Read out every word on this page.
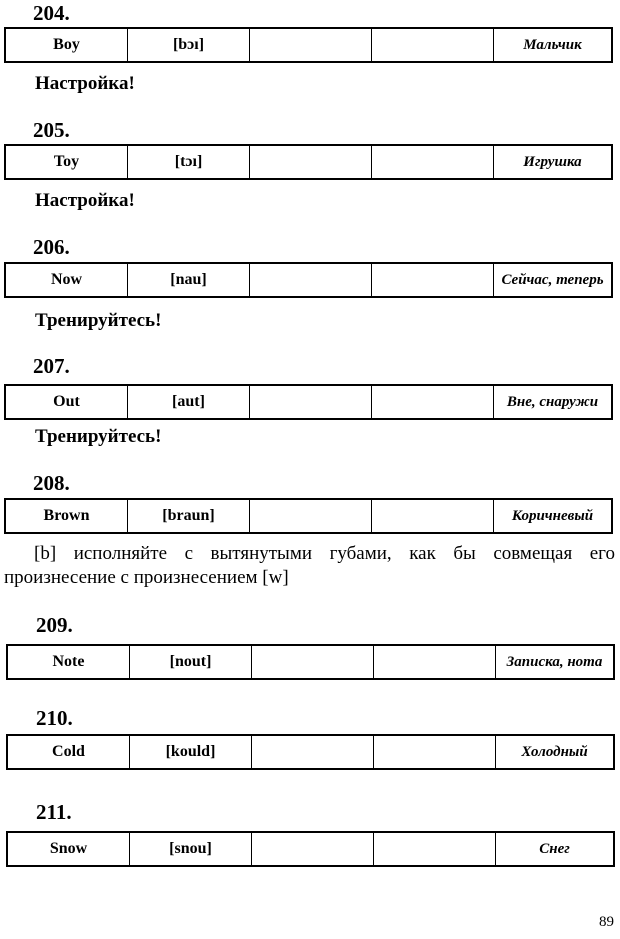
204.
Boy	[bɔı]	Мальчик
Настройка!
205.
Toy	[tɔı]	Игрушка
Настройка!
206.
Now	[nau]	Сейчас, теперь
Тренируйтесь!
207.
Out	[aut]	Вне, снаружи
Тренируйтесь!
208.
Brown	[braun]	Коричневый
[b] исполняйте с вытянутыми губами, как бы совмещая его произнесение с произнесением [w]
209.
Note	[nout]	Записка, нота
210.
Cold	[kould]	Холодный
211.
Snow	[snou]	Снег
89
